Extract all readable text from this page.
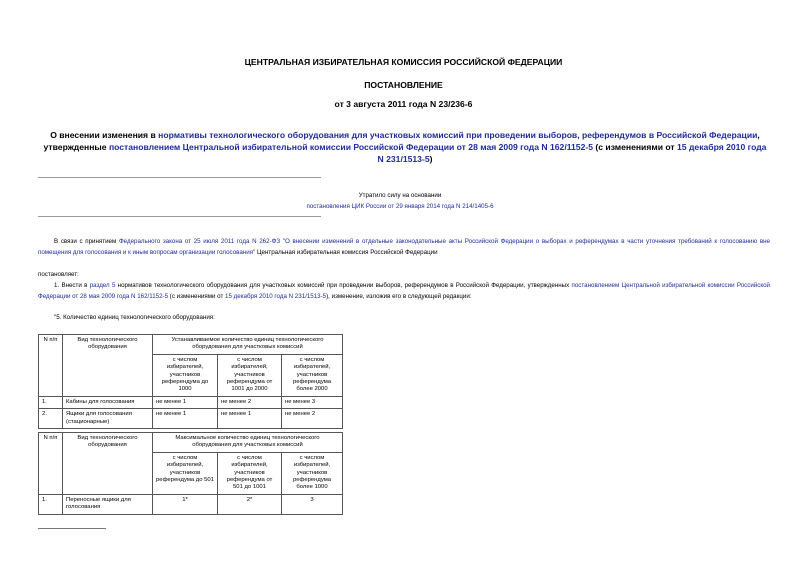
ЦЕНТРАЛЬНАЯ ИЗБИРАТЕЛЬНАЯ КОМИССИЯ РОССИЙСКОЙ ФЕДЕРАЦИИ
ПОСТАНОВЛЕНИЕ
от 3 августа 2011 года N 23/236-6
О внесении изменения в нормативы технологического оборудования для участковых комиссий при проведении выборов, референдумов в Российской Федерации, утвержденные постановлением Центральной избирательной комиссии Российской Федерации от 28 мая 2009 года N 162/1152-5 (с изменениями от 15 декабря 2010 года N 231/1513-5)
Утратило силу на основании
постановления ЦИК России от 29 января 2014 года N 214/1405-6
В связи с принятием Федерального закона от 25 июля 2011 года N 262-ФЗ "О внесении изменений в отдельные законодательные акты Российской Федерации о выборах и референдумах в части уточнения требований к голосованию вне помещения для голосования и к иным вопросам организации голосования" Центральная избирательная комиссия Российской Федерации
постановляет:
1. Внести в раздел 5 нормативов технологического оборудования для участковых комиссий при проведении выборов, референдумов в Российской Федерации, утвержденных постановлением Центральной избирательной комиссии Российской Федерации от 28 мая 2009 года N 162/1152-5 (с изменениями от 15 декабря 2010 года N 231/1513-5), изменение, изложив его в следующей редакции:
"5. Количество единиц технологического оборудования:
N п/п	Вид технологического оборудования	Устанавливаемое количество единиц технологического оборудования для участковых комиссий		
		с числом избирателей, участников референдума до 1000	с числом избирателей, участников референдума от 1001 до 2000	с числом избирателей, участников референдума более 2000
1.	Кабины для голосования	не менее 1	не менее 2	не менее 3
2.	Ящики для голосования (стационарные)	не менее 1	не менее 1	не менее 2
N п/п	Вид технологического оборудования	Максимальное количество единиц технологического оборудования для участковых комиссий		
		с числом избирателей, участников референдума до 501	с числом избирателей, участников референдума от 501 до 1001	с числом избирателей, участников референдума более 1000
1.	Переносные ящики для голосования	1*	2*	3
